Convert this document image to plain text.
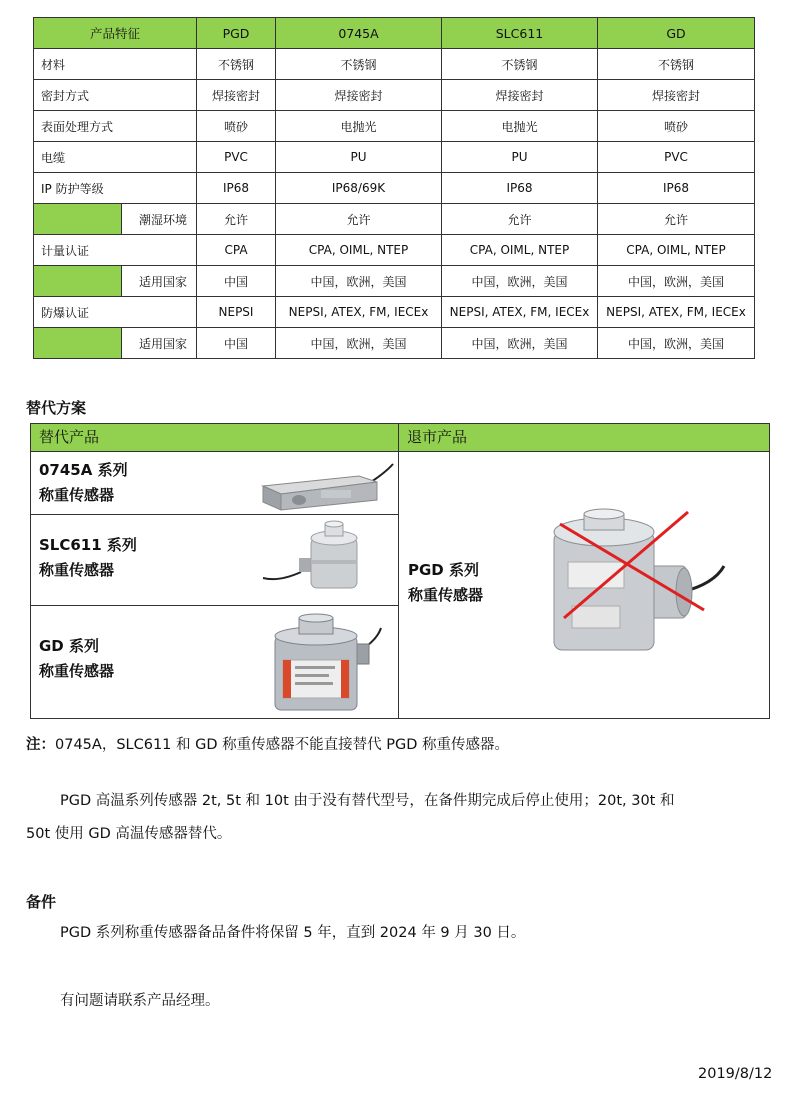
产品特征		PGD	0745A	SLC611	GD
材料		不锈钢	不锈钢	不锈钢	不锈钢
密封方式		焊接密封	焊接密封	焊接密封	焊接密封
表面处理方式		喷砂	电抛光	电抛光	喷砂
电缆		PVC	PU	PU	PVC
IP 防护等级		IP68	IP68/69K	IP68	IP68
	潮湿环境	允许	允许	允许	允许
计量认证		CPA	CPA, OIML, NTEP	CPA, OIML, NTEP	CPA, OIML, NTEP
	适用国家	中国	中国，欧洲，美国	中国，欧洲，美国	中国，欧洲，美国
防爆认证		NEPSI	NEPSI, ATEX, FM, IECEx	NEPSI, ATEX, FM, IECEx	NEPSI, ATEX, FM, IECEx
	适用国家	中国	中国，欧洲，美国	中国，欧洲，美国	中国，欧洲，美国
替代方案
替代产品	退市产品
0745A 系列
称重传感器
SLC611 系列
称重传感器
GD 系列
称重传感器
PGD 系列
称重传感器
注：0745A，SLC611 和 GD 称重传感器不能直接替代 PGD 称重传感器。
PGD 高温系列传感器 2t, 5t 和 10t 由于没有替代型号，在备件期完成后停止使用；20t, 30t 和
50t 使用 GD 高温传感器替代。
备件
PGD 系列称重传感器备品备件将保留 5 年，直到 2024 年 9 月 30 日。
有问题请联系产品经理。
2019/8/12
